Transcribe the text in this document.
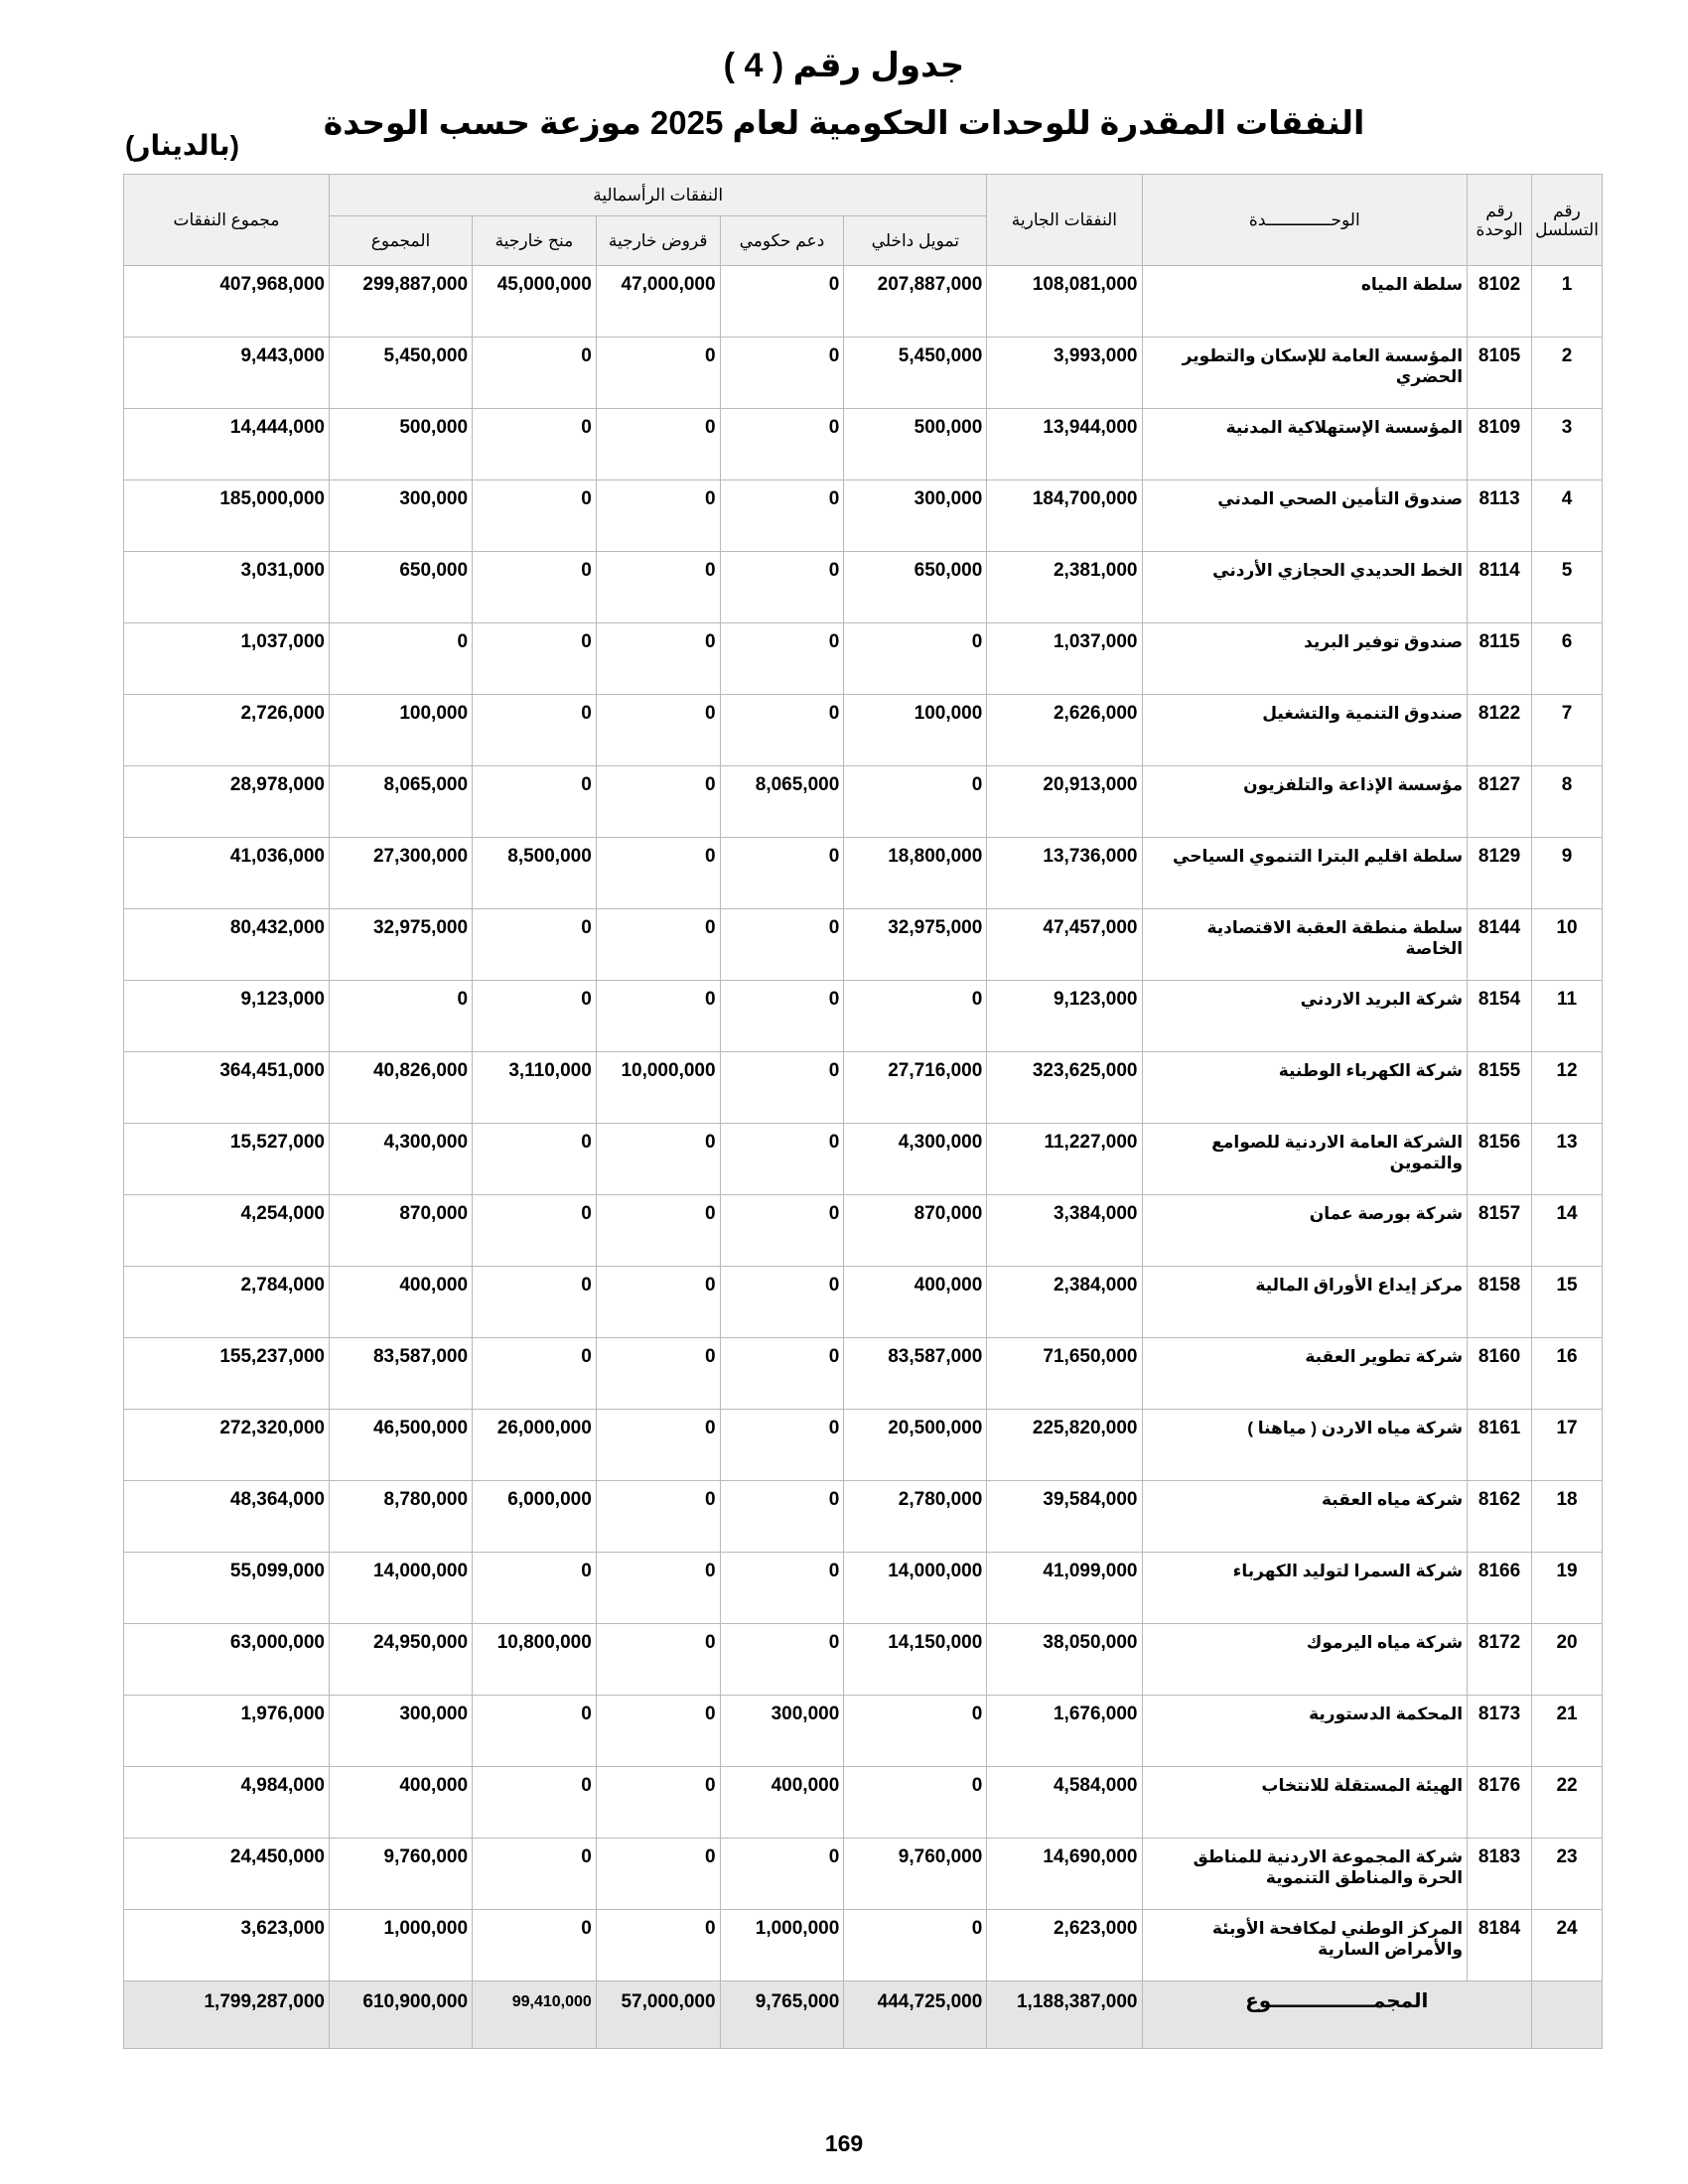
جدول رقم ( 4 )
النفقات المقدرة للوحدات الحكومية لعام 2025 موزعة حسب الوحدة
(بالدينار)
رقم التسلسل	رقم الوحدة	الوحـــــــــــــدة	النفقات الجارية	النفقات الرأسمالية					مجموع النفقات
				تمويل داخلي	دعم حكومي	قروض خارجية	منح خارجية	المجموع	
1	8102	سلطة المياه	108,081,000	207,887,000	0	47,000,000	45,000,000	299,887,000	407,968,000
2	8105	المؤسسة العامة للإسكان والتطوير الحضري	3,993,000	5,450,000	0	0	0	5,450,000	9,443,000
3	8109	المؤسسة الإستهلاكية المدنية	13,944,000	500,000	0	0	0	500,000	14,444,000
4	8113	صندوق التأمين الصحي المدني	184,700,000	300,000	0	0	0	300,000	185,000,000
5	8114	الخط الحديدي الحجازي الأردني	2,381,000	650,000	0	0	0	650,000	3,031,000
6	8115	صندوق توفير البريد	1,037,000	0	0	0	0	0	1,037,000
7	8122	صندوق التنمية والتشغيل	2,626,000	100,000	0	0	0	100,000	2,726,000
8	8127	مؤسسة الإذاعة والتلفزيون	20,913,000	0	8,065,000	0	0	8,065,000	28,978,000
9	8129	سلطة اقليم البترا التنموي السياحي	13,736,000	18,800,000	0	0	8,500,000	27,300,000	41,036,000
10	8144	سلطة منطقة العقبة الاقتصادية الخاصة	47,457,000	32,975,000	0	0	0	32,975,000	80,432,000
11	8154	شركة البريد الاردني	9,123,000	0	0	0	0	0	9,123,000
12	8155	شركة الكهرباء الوطنية	323,625,000	27,716,000	0	10,000,000	3,110,000	40,826,000	364,451,000
13	8156	الشركة العامة الاردنية للصوامع والتموين	11,227,000	4,300,000	0	0	0	4,300,000	15,527,000
14	8157	شركة بورصة عمان	3,384,000	870,000	0	0	0	870,000	4,254,000
15	8158	مركز إيداع الأوراق المالية	2,384,000	400,000	0	0	0	400,000	2,784,000
16	8160	شركة تطوير العقبة	71,650,000	83,587,000	0	0	0	83,587,000	155,237,000
17	8161	شركة مياه الاردن ( مياهنا )	225,820,000	20,500,000	0	0	26,000,000	46,500,000	272,320,000
18	8162	شركة مياه العقبة	39,584,000	2,780,000	0	0	6,000,000	8,780,000	48,364,000
19	8166	شركة السمرا لتوليد الكهرباء	41,099,000	14,000,000	0	0	0	14,000,000	55,099,000
20	8172	شركة مياه اليرموك	38,050,000	14,150,000	0	0	10,800,000	24,950,000	63,000,000
21	8173	المحكمة الدستورية	1,676,000	0	300,000	0	0	300,000	1,976,000
22	8176	الهيئة المستقلة للانتخاب	4,584,000	0	400,000	0	0	400,000	4,984,000
23	8183	شركة المجموعة الاردنية للمناطق الحرة والمناطق التنموية	14,690,000	9,760,000	0	0	0	9,760,000	24,450,000
24	8184	المركز الوطني لمكافحة الأوبئة والأمراض السارية	2,623,000	0	1,000,000	0	0	1,000,000	3,623,000
	المجمـــــــــــــــوع		1,188,387,000	444,725,000	9,765,000	57,000,000	99,410,000	610,900,000	1,799,287,000
169
